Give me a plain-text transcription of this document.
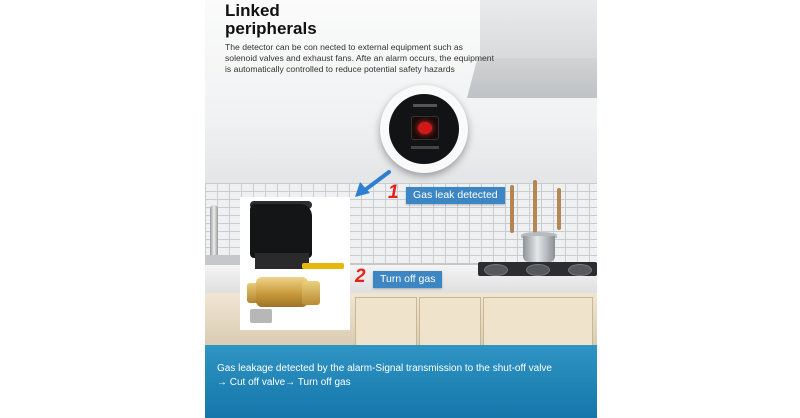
Linked
peripherals
The detector can be con nected to external equipment such as solenoid valves and exhaust fans. Afte an alarm occurs, the equipment is automatically controlled to reduce potential safety hazards
1	Gas leak detected
2	Turn off gas
Gas leakage detected by the alarm-Signal transmission to the shut-off valve
→ Cut off valve→ Turn off gas
